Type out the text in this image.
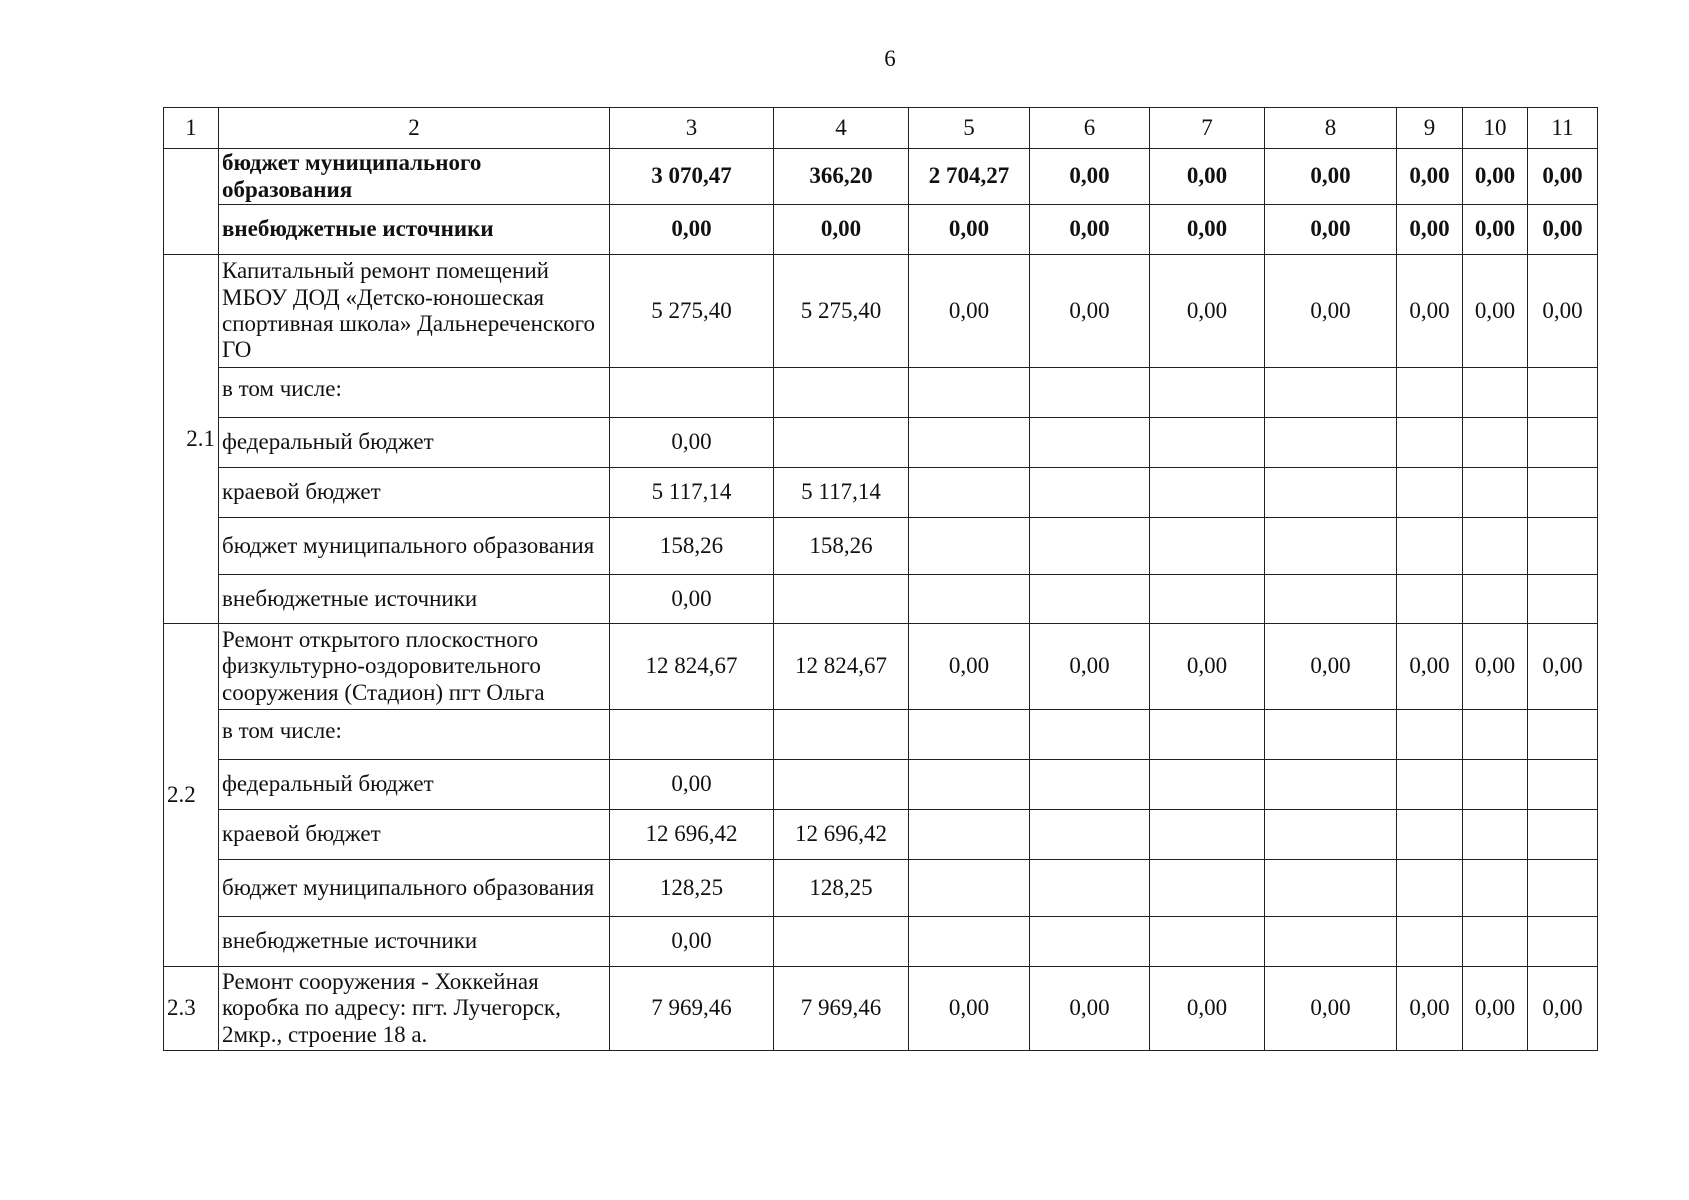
6
1	2	3	4	5	6	7	8	9	10	11
	бюджет муниципального образования	3 070,47	366,20	2 704,27	0,00	0,00	0,00	0,00	0,00	0,00
	внебюджетные источники	0,00	0,00	0,00	0,00	0,00	0,00	0,00	0,00	0,00
2.1	Капитальный ремонт помещений МБОУ ДОД «Детско-юношеская спортивная школа» Дальнереченского ГО	5 275,40	5 275,40	0,00	0,00	0,00	0,00	0,00	0,00	0,00
	в том числе:									
	федеральный бюджет	0,00								
	краевой бюджет	5 117,14	5 117,14							
	бюджет муниципального образования	158,26	158,26							
	внебюджетные источники	0,00								
2.2	Ремонт открытого плоскостного физкультурно-оздоровительного сооружения (Стадион) пгт Ольга	12 824,67	12 824,67	0,00	0,00	0,00	0,00	0,00	0,00	0,00
	в том числе:									
	федеральный бюджет	0,00								
	краевой бюджет	12 696,42	12 696,42							
	бюджет муниципального образования	128,25	128,25							
	внебюджетные источники	0,00								
2.3	Ремонт сооружения - Хоккейная коробка по адресу: пгт. Лучегорск, 2мкр., строение 18 а.	7 969,46	7 969,46	0,00	0,00	0,00	0,00	0,00	0,00	0,00
